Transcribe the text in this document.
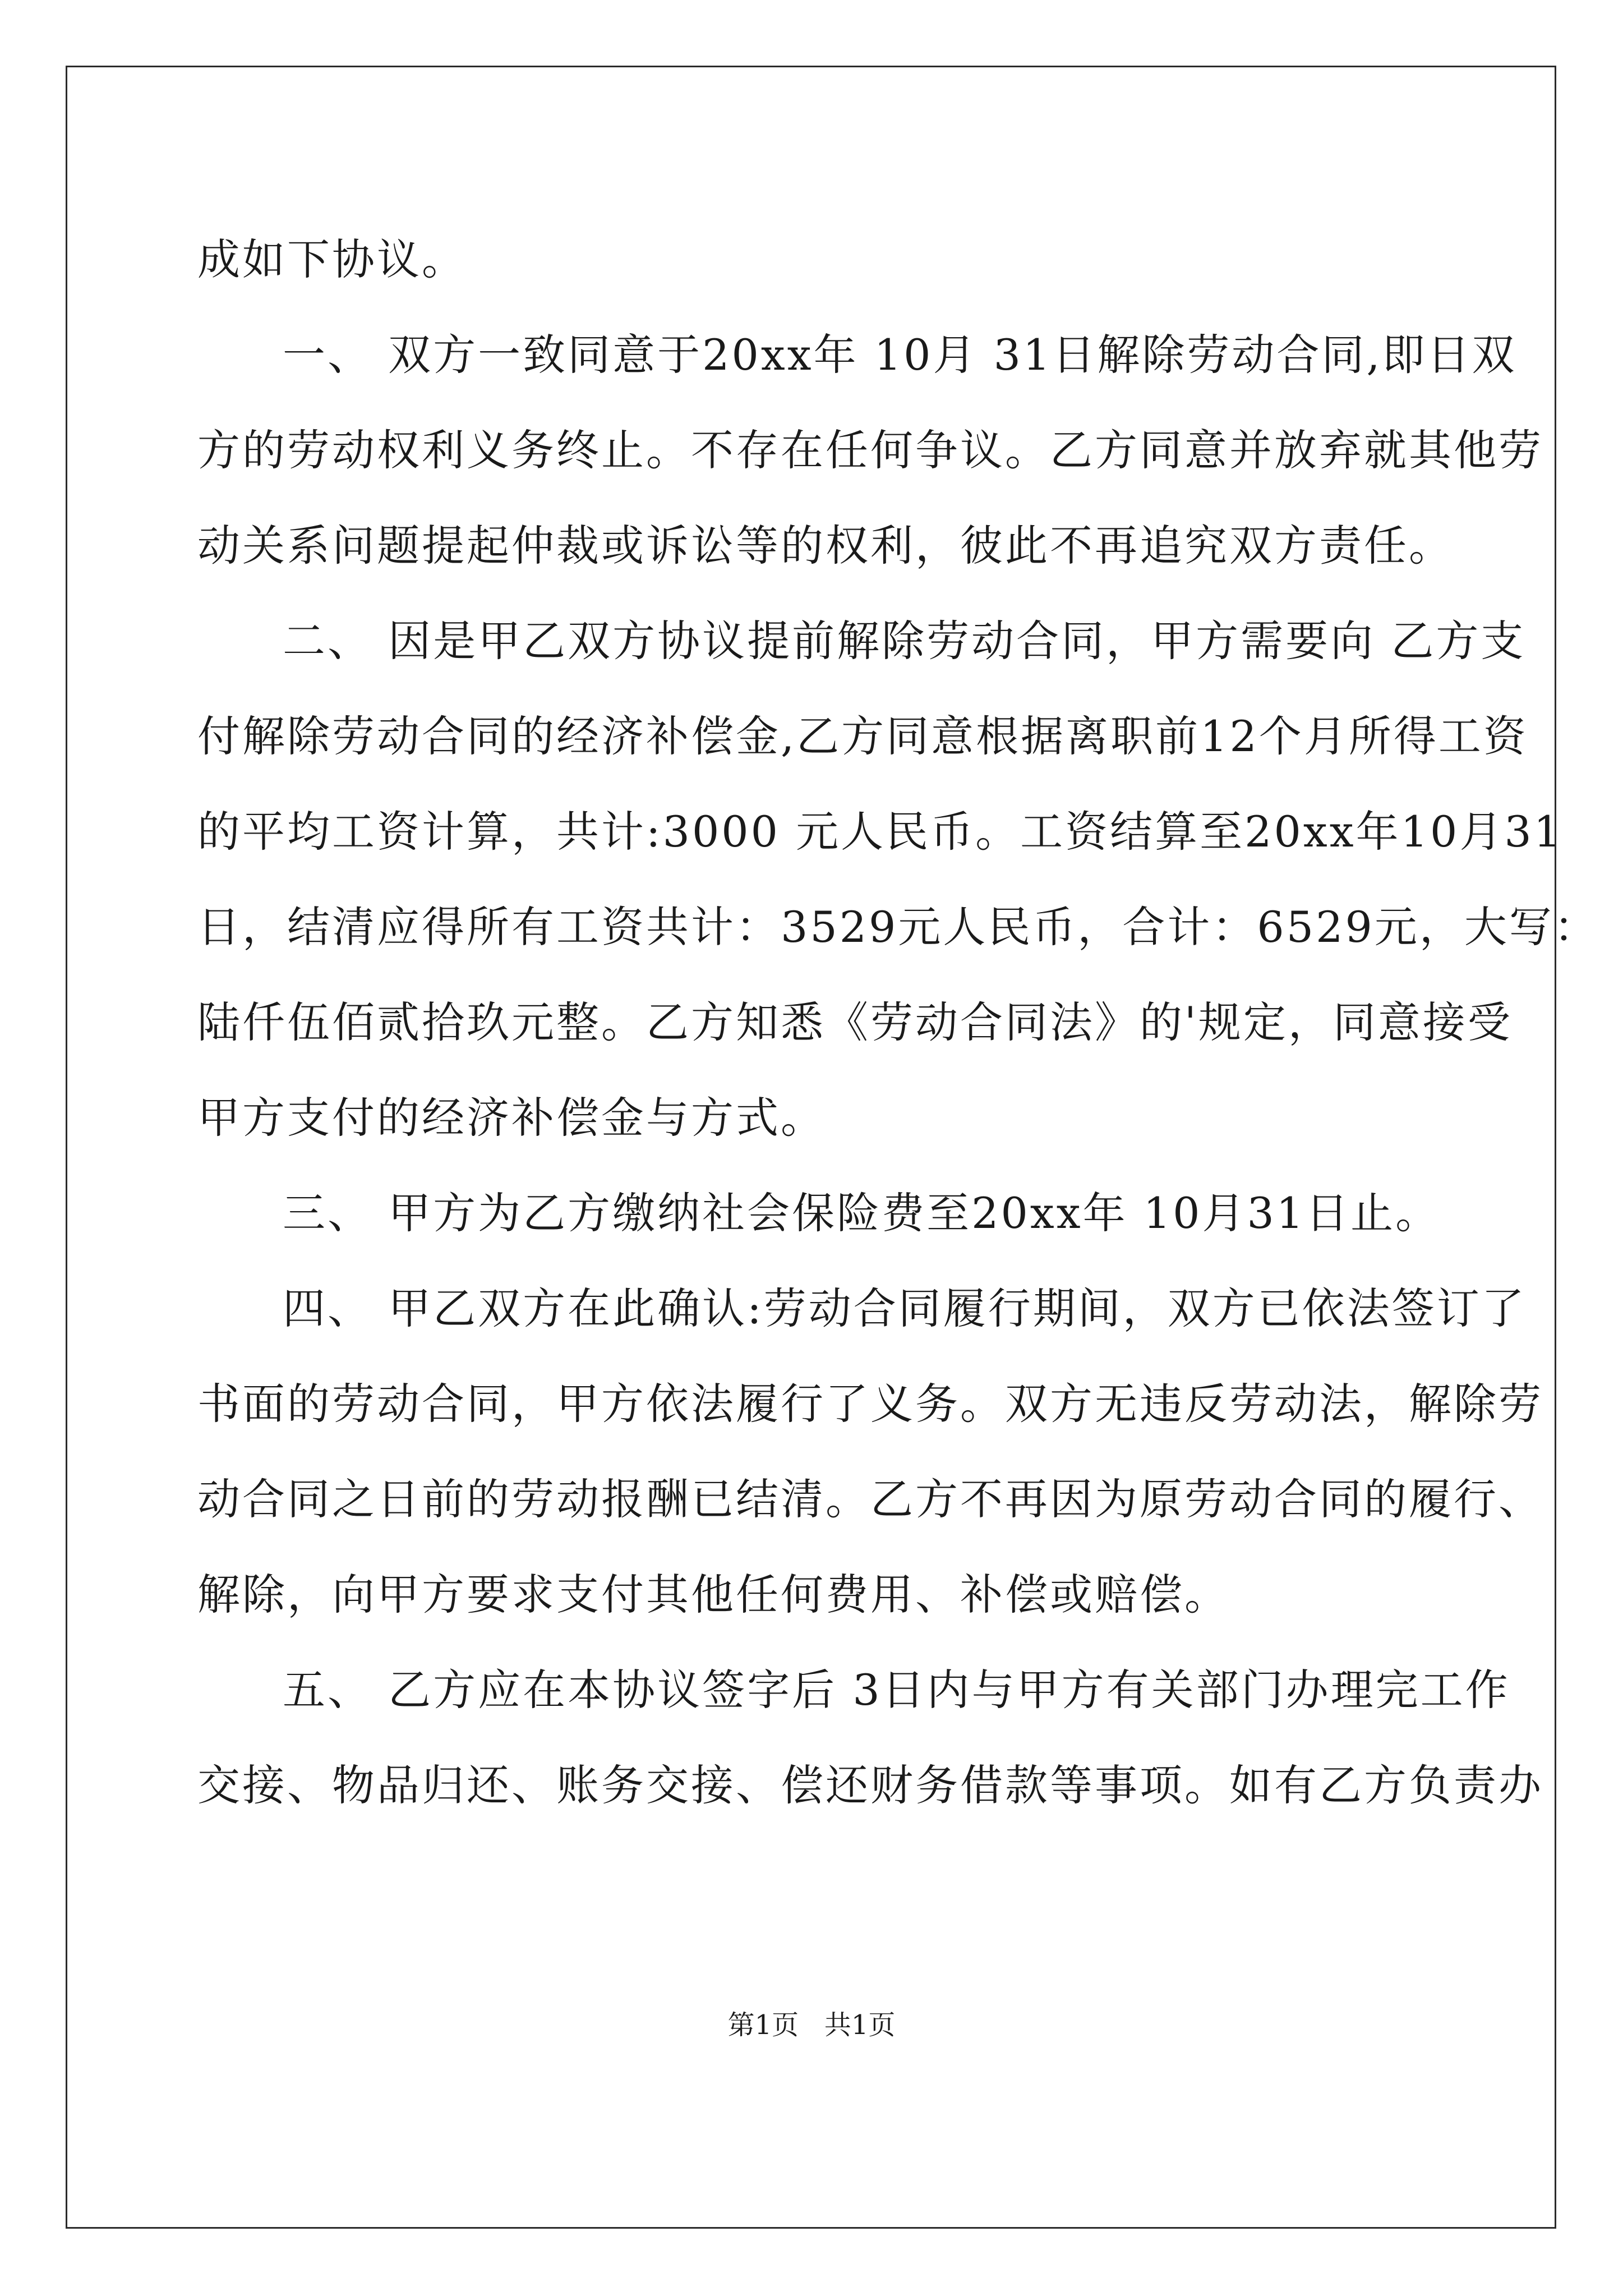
成如下协议。
一、 双方一致同意于20xx年 10月 31日解除劳动合同,即日双
方的劳动权利义务终止。不存在任何争议。乙方同意并放弃就其他劳
动关系问题提起仲裁或诉讼等的权利，彼此不再追究双方责任。
二、 因是甲乙双方协议提前解除劳动合同，甲方需要向 乙方支
付解除劳动合同的经济补偿金,乙方同意根据离职前12个月所得工资
的平均工资计算，共计:3000 元人民币。工资结算至20xx年10月31
日，结清应得所有工资共计：3529元人民币，合计：6529元，大写：
陆仟伍佰贰拾玖元整。乙方知悉《劳动合同法》的'规定，同意接受
甲方支付的经济补偿金与方式。
三、 甲方为乙方缴纳社会保险费至20xx年 10月31日止。
四、 甲乙双方在此确认:劳动合同履行期间，双方已依法签订了
书面的劳动合同，甲方依法履行了义务。双方无违反劳动法，解除劳
动合同之日前的劳动报酬已结清。乙方不再因为原劳动合同的履行、
解除，向甲方要求支付其他任何费用、补偿或赔偿。
五、 乙方应在本协议签字后 3日内与甲方有关部门办理完工作
交接、物品归还、账务交接、偿还财务借款等事项。如有乙方负责办
第1页   共1页
